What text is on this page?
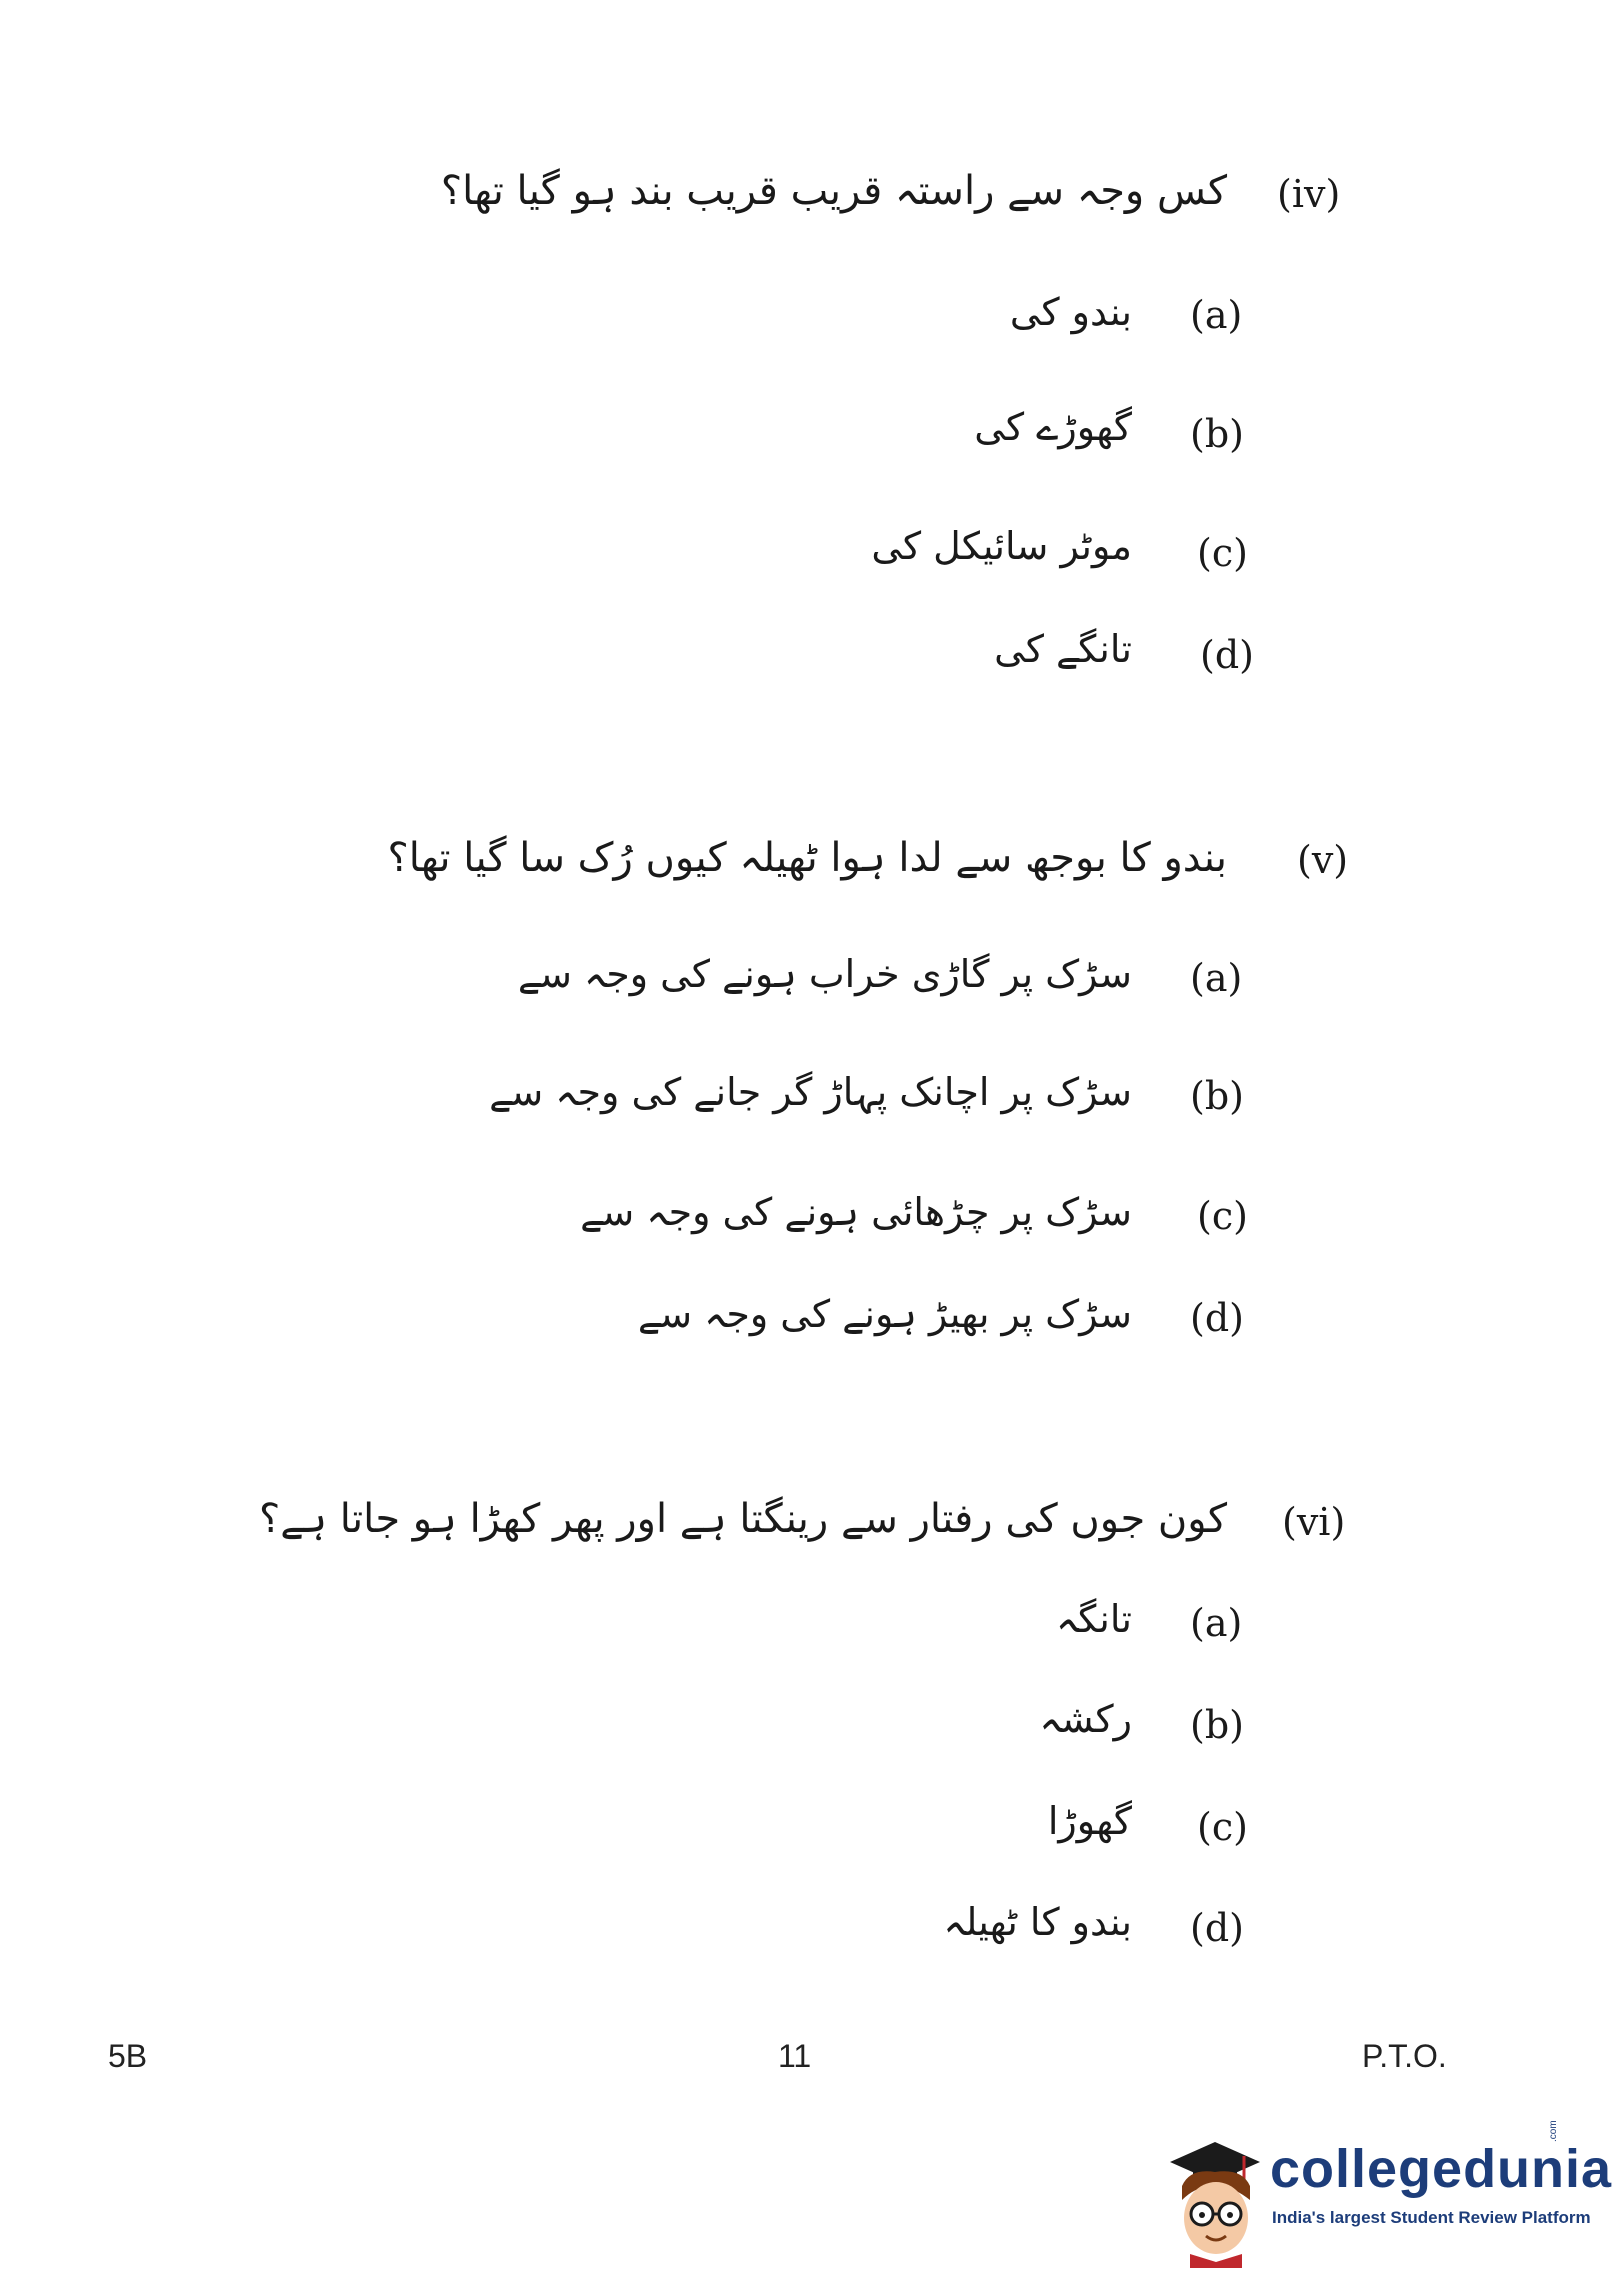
(iv)
کس وجہ سے راستہ قریب قریب بند ہو گیا تھا؟
(a)
بندو کی
(b)
گھوڑے کی
(c)
موٹر سائیکل کی
(d)
تانگے کی
(v)
بندو کا بوجھ سے لدا ہوا ٹھیلہ کیوں رُک سا گیا تھا؟
(a)
سڑک پر گاڑی خراب ہونے کی وجہ سے
(b)
سڑک پر اچانک پہاڑ گر جانے کی وجہ سے
(c)
سڑک پر چڑھائی ہونے کی وجہ سے
(d)
سڑک پر بھیڑ ہونے کی وجہ سے
(vi)
کون جوں کی رفتار سے رینگتا ہے اور پھر کھڑا ہو جاتا ہے؟
(a)
تانگہ
(b)
رکشہ
(c)
گھوڑا
(d)
بندو کا ٹھیلہ
5B	11	P.T.O.
collegedunia
.com
India's largest Student Review Platform
